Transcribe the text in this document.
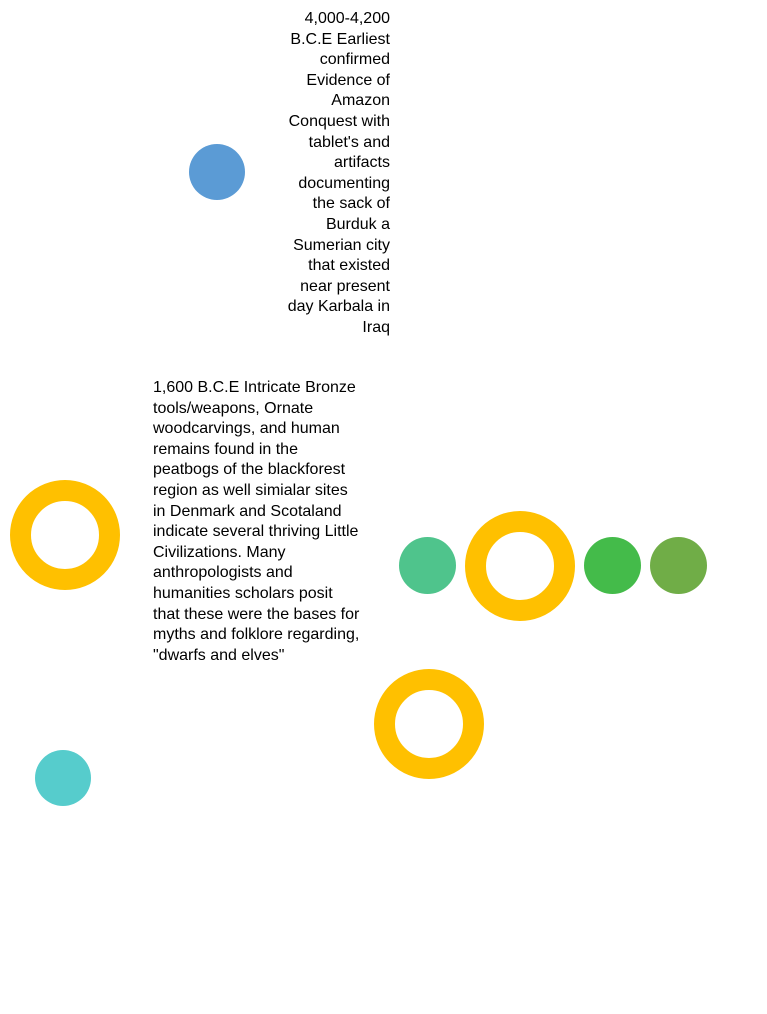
4,000-4,200 B.C.E Earliest confirmed Evidence of Amazon Conquest with tablet's and artifacts documenting the sack of Burduk a Sumerian city that existed near present day Karbala in Iraq

1,600 B.C.E Intricate Bronze tools/weapons, Ornate woodcarvings, and human remains found in the peatbogs of the blackforest region as well simialar sites in Denmark and Scotaland indicate several thriving Little Civilizations. Many anthropologists and humanities scholars posit that these were the bases for myths and folklore regarding, "dwarfs and elves"
